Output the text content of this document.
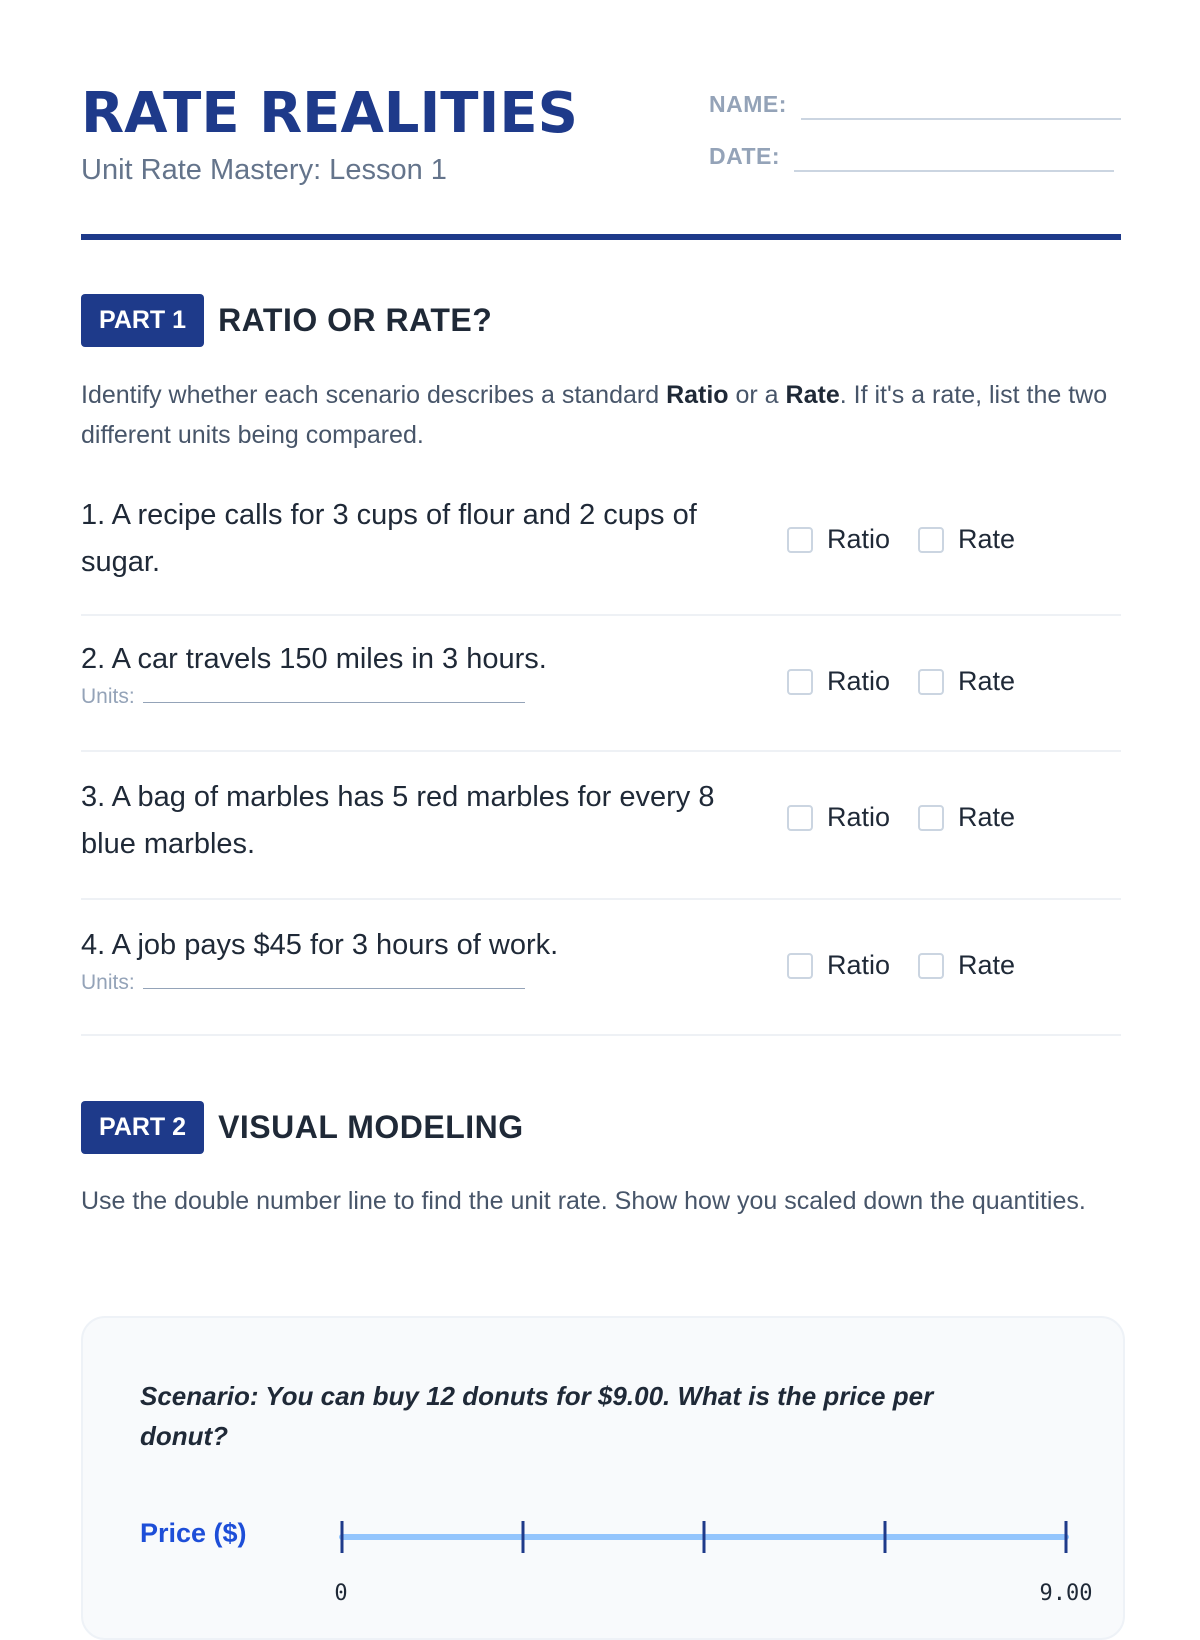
RATE REALITIES
Unit Rate Mastery: Lesson 1
NAME:
DATE:
PART 1	RATIO OR RATE?
Identify whether each scenario describes a standard Ratio or a Rate. If it's a rate, list the two different units being compared.
1. A recipe calls for 3 cups of flour and 2 cups of sugar.
Ratio	Rate
2. A car travels 150 miles in 3 hours.
Units:
Ratio	Rate
3. A bag of marbles has 5 red marbles for every 8 blue marbles.
Ratio	Rate
4. A job pays $45 for 3 hours of work.
Units:
Ratio	Rate
PART 2	VISUAL MODELING
Use the double number line to find the unit rate. Show how you scaled down the quantities.
Scenario: You can buy 12 donuts for $9.00. What is the price per donut?
Price ($)
0	9.00
